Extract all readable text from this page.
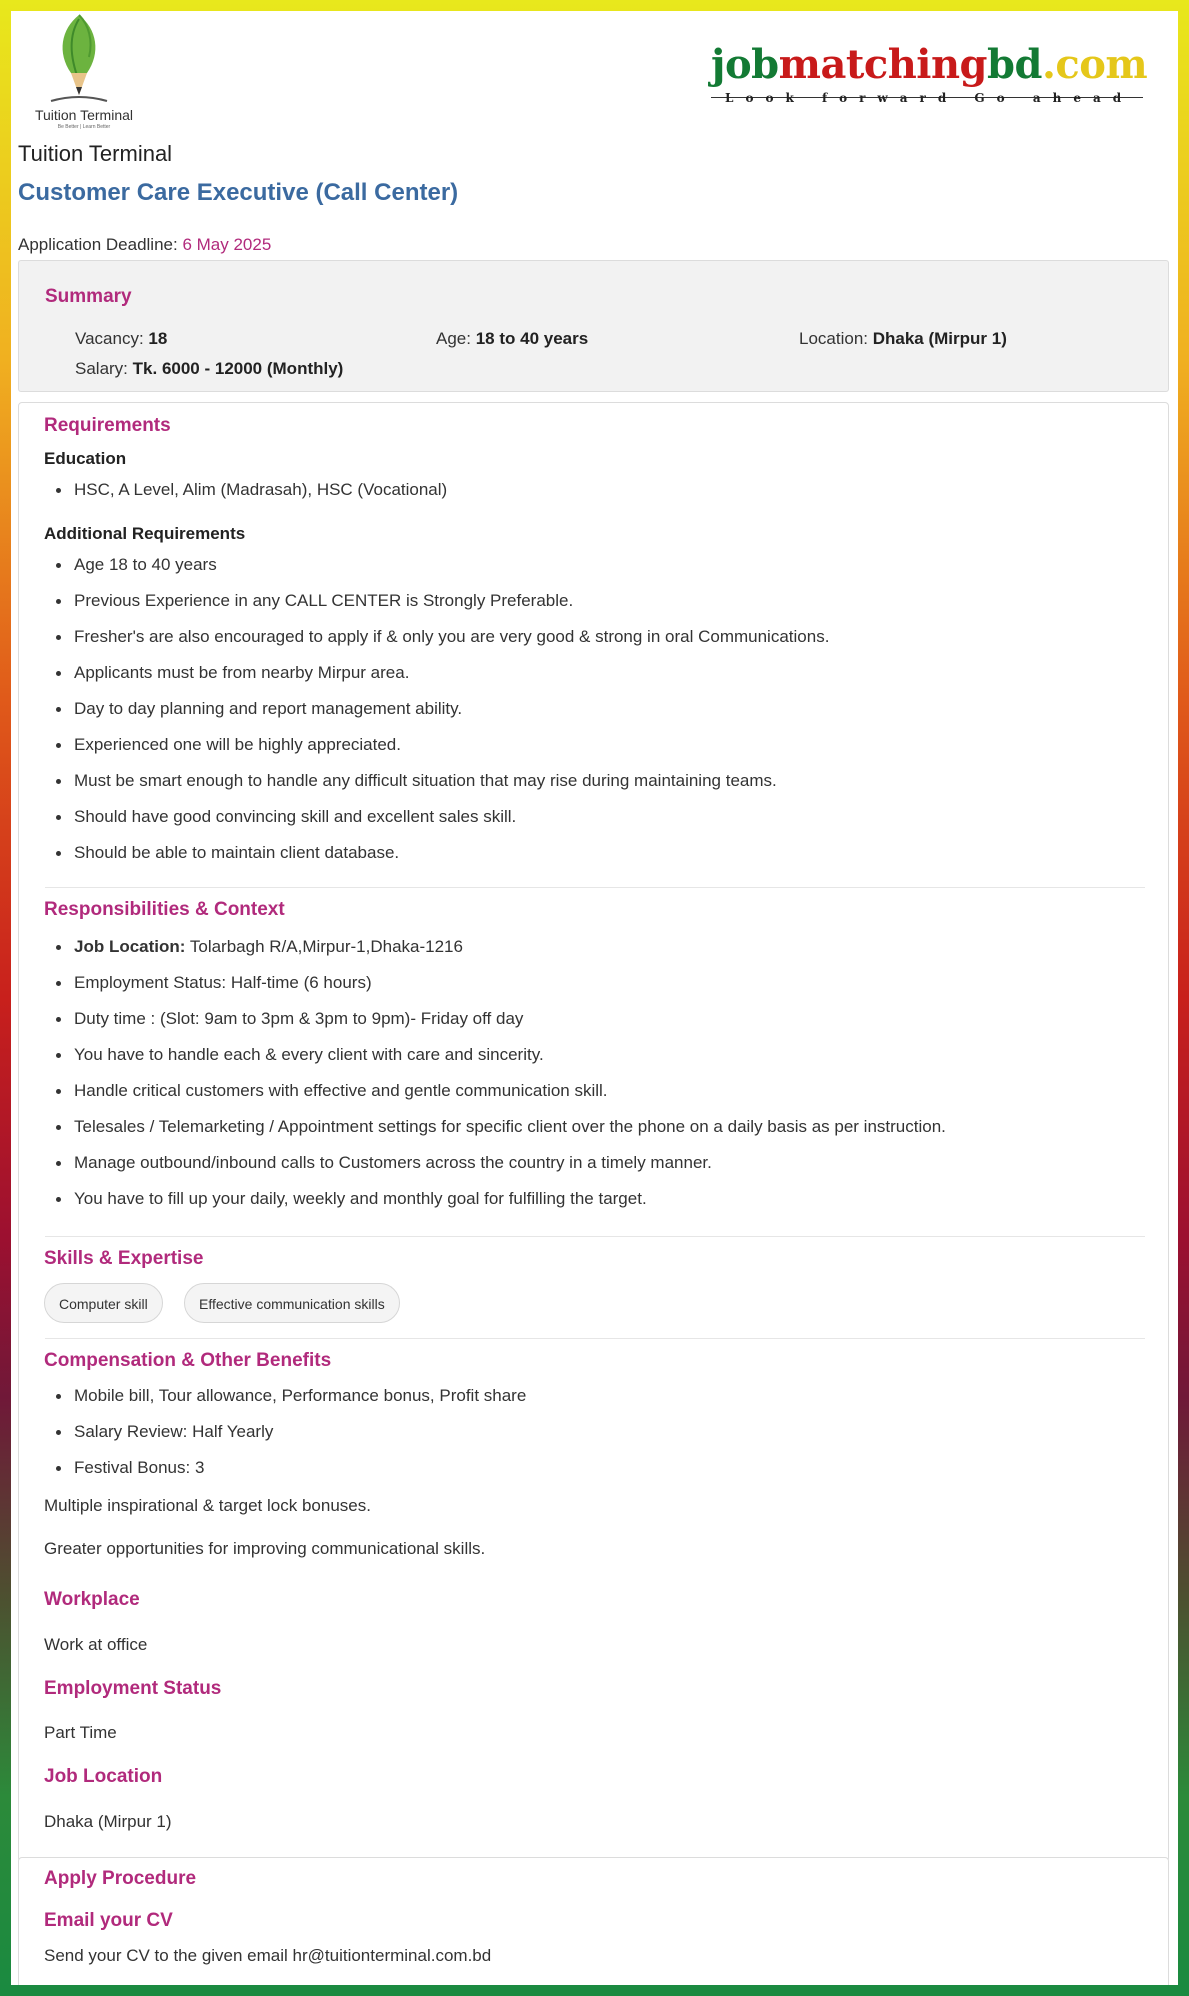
Tuition Terminal
Be Better | Learn Better
jobmatchingbd.com
Look forward Go ahead
Tuition Terminal
Customer Care Executive (Call Center)
Application Deadline: 6 May 2025
Summary
Vacancy: 18	Age: 18 to 40 years	Location: Dhaka (Mirpur 1)
Salary: Tk. 6000 - 12000 (Monthly)
Requirements
Education
HSC, A Level, Alim (Madrasah), HSC (Vocational)
Additional Requirements
Age 18 to 40 years
Previous Experience in any CALL CENTER is Strongly Preferable.
Fresher's are also encouraged to apply if & only you are very good & strong in oral Communications.
Applicants must be from nearby Mirpur area.
Day to day planning and report management ability.
Experienced one will be highly appreciated.
Must be smart enough to handle any difficult situation that may rise during maintaining teams.
Should have good convincing skill and excellent sales skill.
Should be able to maintain client database.
Responsibilities & Context
Job Location: Tolarbagh R/A,Mirpur-1,Dhaka-1216
Employment Status: Half-time (6 hours)
Duty time : (Slot: 9am to 3pm & 3pm to 9pm)- Friday off day
You have to handle each & every client with care and sincerity.
Handle critical customers with effective and gentle communication skill.
Telesales / Telemarketing / Appointment settings for specific client over the phone on a daily basis as per instruction.
Manage outbound/inbound calls to Customers across the country in a timely manner.
You have to fill up your daily, weekly and monthly goal for fulfilling the target.
Skills & Expertise
Computer skill	Effective communication skills
Compensation & Other Benefits
Mobile bill, Tour allowance, Performance bonus, Profit share
Salary Review: Half Yearly
Festival Bonus: 3
Multiple inspirational & target lock bonuses.
Greater opportunities for improving communicational skills.
Workplace
Work at office
Employment Status
Part Time
Job Location
Dhaka (Mirpur 1)
Apply Procedure
Email your CV
Send your CV to the given email hr@tuitionterminal.com.bd
